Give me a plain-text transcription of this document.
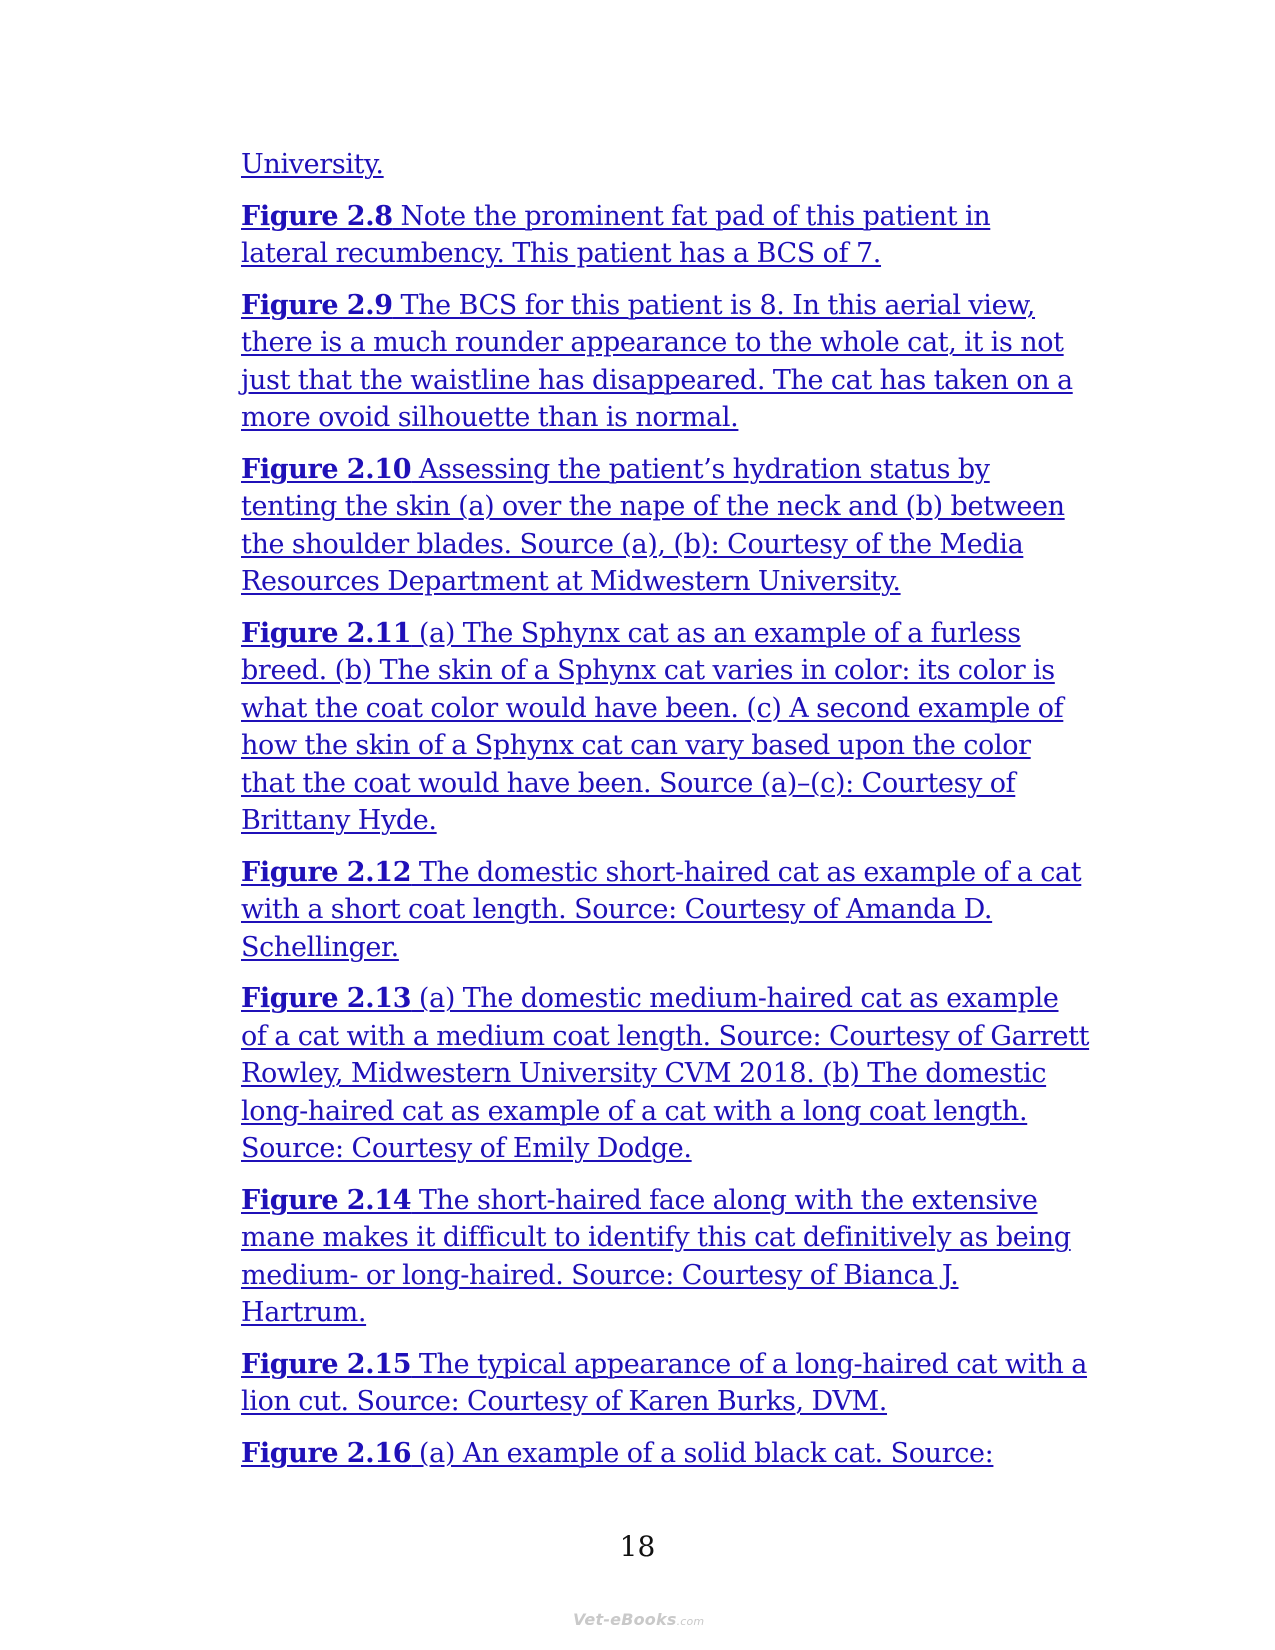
University.

Figure 2.8 Note the prominent fat pad of this patient in
lateral recumbency. This patient has a BCS of 7.

Figure 2.9 The BCS for this patient is 8. In this aerial view,
there is a much rounder appearance to the whole cat, it is not
just that the waistline has disappeared. The cat has taken on a
more ovoid silhouette than is normal.

Figure 2.10 Assessing the patient’s hydration status by
tenting the skin (a) over the nape of the neck and (b) between
the shoulder blades. Source (a), (b): Courtesy of the Media
Resources Department at Midwestern University.

Figure 2.11 (a) The Sphynx cat as an example of a furless
breed. (b) The skin of a Sphynx cat varies in color: its color is
what the coat color would have been. (c) A second example of
how the skin of a Sphynx cat can vary based upon the color
that the coat would have been. Source (a)–(c): Courtesy of
Brittany Hyde.

Figure 2.12 The domestic short-haired cat as example of a cat
with a short coat length. Source: Courtesy of Amanda D.
Schellinger.

Figure 2.13 (a) The domestic medium-haired cat as example
of a cat with a medium coat length. Source: Courtesy of Garrett
Rowley, Midwestern University CVM 2018. (b) The domestic
long-haired cat as example of a cat with a long coat length.
Source: Courtesy of Emily Dodge.

Figure 2.14 The short-haired face along with the extensive
mane makes it difficult to identify this cat definitively as being
medium- or long-haired. Source: Courtesy of Bianca J.
Hartrum.

Figure 2.15 The typical appearance of a long-haired cat with a
lion cut. Source: Courtesy of Karen Burks, DVM.

Figure 2.16 (a) An example of a solid black cat. Source:

18
Vet-eBooks.com
